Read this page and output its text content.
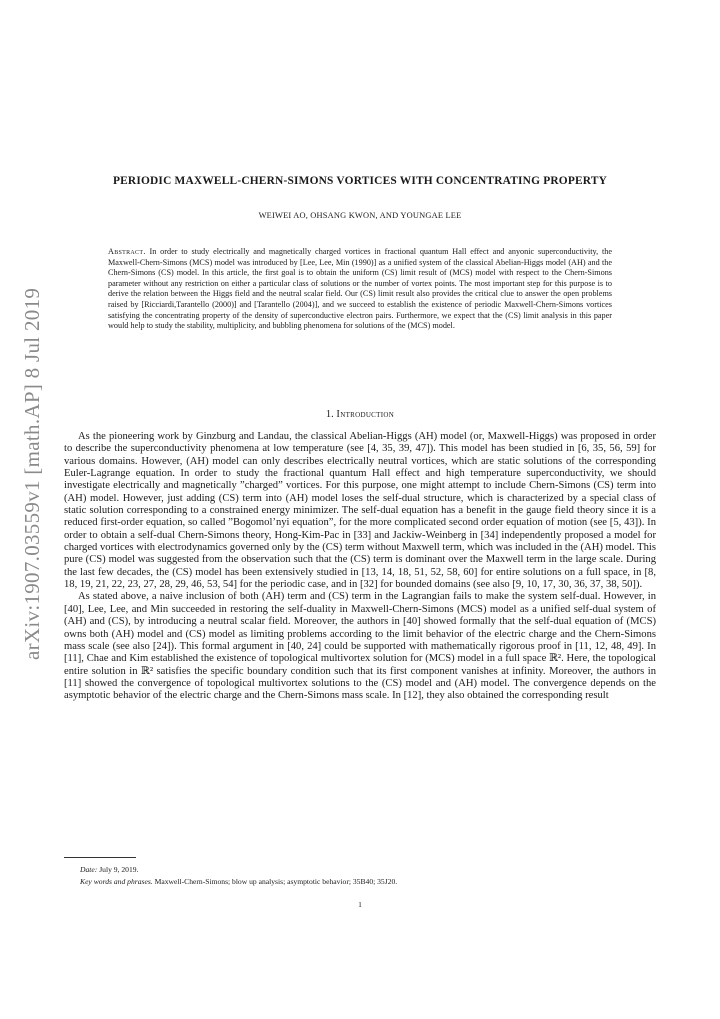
arXiv:1907.03559v1 [math.AP] 8 Jul 2019
PERIODIC MAXWELL-CHERN-SIMONS VORTICES WITH CONCENTRATING PROPERTY
WEIWEI AO, OHSANG KWON, AND YOUNGAE LEE
Abstract. In order to study electrically and magnetically charged vortices in fractional quantum Hall effect and anyonic superconductivity, the Maxwell-Chern-Simons (MCS) model was introduced by [Lee, Lee, Min (1990)] as a unified system of the classical Abelian-Higgs model (AH) and the Chern-Simons (CS) model. In this article, the first goal is to obtain the uniform (CS) limit result of (MCS) model with respect to the Chern-Simons parameter without any restriction on either a particular class of solutions or the number of vortex points. The most important step for this purpose is to derive the relation between the Higgs field and the neutral scalar field. Our (CS) limit result also provides the critical clue to answer the open problems raised by [Ricciardi,Tarantello (2000)] and [Tarantello (2004)], and we succeed to establish the existence of periodic Maxwell-Chern-Simons vortices satisfying the concentrating property of the density of superconductive electron pairs. Furthermore, we expect that the (CS) limit analysis in this paper would help to study the stability, multiplicity, and bubbling phenomena for solutions of the (MCS) model.
1. Introduction

As the pioneering work by Ginzburg and Landau, the classical Abelian-Higgs (AH) model (or, Maxwell-Higgs) was proposed in order to describe the superconductivity phenomena at low temperature (see [4, 35, 39, 47]). This model has been studied in [6, 35, 56, 59] for various domains. However, (AH) model can only describes electrically neutral vortices, which are static solutions of the corresponding Euler-Lagrange equation. In order to study the fractional quantum Hall effect and high temperature superconductivity, we should investigate electrically and magnetically ”charged” vortices. For this purpose, one might attempt to include Chern-Simons (CS) term into (AH) model. However, just adding (CS) term into (AH) model loses the self-dual structure, which is characterized by a special class of static solution corresponding to a constrained energy minimizer. The self-dual equation has a benefit in the gauge field theory since it is a reduced first-order equation, so called ”Bogomol’nyi equation”, for the more complicated second order equation of motion (see [5, 43]). In order to obtain a self-dual Chern-Simons theory, Hong-Kim-Pac in [33] and Jackiw-Weinberg in [34] independently proposed a model for charged vortices with electrodynamics governed only by the (CS) term without Maxwell term, which was included in the (AH) model. This pure (CS) model was suggested from the observation such that the (CS) term is dominant over the Maxwell term in the large scale. During the last few decades, the (CS) model has been extensively studied in [13, 14, 18, 51, 52, 58, 60] for entire solutions on a full space, in [8, 18, 19, 21, 22, 23, 27, 28, 29, 46, 53, 54] for the periodic case, and in [32] for bounded domains (see also [9, 10, 17, 30, 36, 37, 38, 50]).

As stated above, a naive inclusion of both (AH) term and (CS) term in the Lagrangian fails to make the system self-dual. However, in [40], Lee, Lee, and Min succeeded in restoring the self-duality in Maxwell-Chern-Simons (MCS) model as a unified self-dual system of (AH) and (CS), by introducing a neutral scalar field. Moreover, the authors in [40] showed formally that the self-dual equation of (MCS) owns both (AH) model and (CS) model as limiting problems according to the limit behavior of the electric charge and the Chern-Simons mass scale (see also [24]). This formal argument in [40, 24] could be supported with mathematically rigorous proof in [11, 12, 48, 49]. In [11], Chae and Kim established the existence of topological multivortex solution for (MCS) model in a full space ℝ². Here, the topological entire solution in ℝ² satisfies the specific boundary condition such that its first component vanishes at infinity. Moreover, the authors in [11] showed the convergence of topological multivortex solutions to the (CS) model and (AH) model. The convergence depends on the asymptotic behavior of the electric charge and the Chern-Simons mass scale. In [12], they also obtained the corresponding result

Date: July 9, 2019.
Key words and phrases. Maxwell-Chern-Simons; blow up analysis; asymptotic behavior; 35B40; 35J20.
1
